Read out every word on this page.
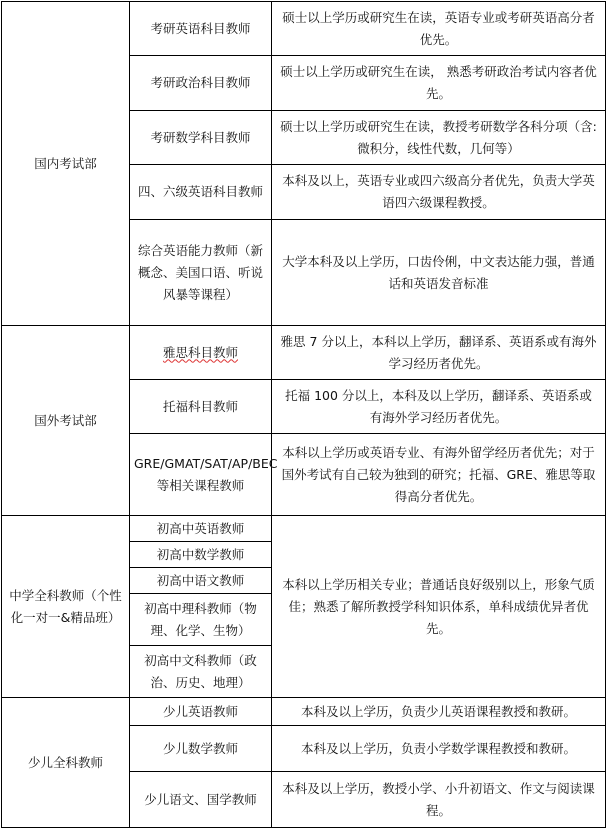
国内考试部	考研英语科目教师	硕士以上学历或研究生在读，英语专业或考研英语高分者优先。
	考研政治科目教师	硕士以上学历或研究生在读， 熟悉考研政治考试内容者优先。
	考研数学科目教师	硕士以上学历或研究生在读，教授考研数学各科分项（含:微积分，线性代数，几何等）
	四、六级英语科目教师	本科及以上，英语专业或四六级高分者优先，负责大学英语四六级课程教授。
	综合英语能力教师（新概念、美国口语、听说风暴等课程）	大学本科及以上学历，口齿伶俐，中文表达能力强，普通话和英语发音标准
国外考试部	雅思科目教师	雅思 7 分以上，本科以上学历，翻译系、英语系或有海外学习经历者优先。
	托福科目教师	托福 100 分以上，本科及以上学历，翻译系、英语系或有海外学习经历者优先。
	GRE/GMAT/SAT/AP/BEC 等相关课程教师	本科以上学历或英语专业、有海外留学经历者优先；对于国外考试有自己较为独到的研究；托福、GRE、雅思等取得高分者优先。
中学全科教师（个性化一对一&精品班）	初高中英语教师	本科以上学历相关专业；普通话良好级别以上，形象气质佳；熟悉了解所教授学科知识体系，单科成绩优异者优先。
	初高中数学教师	
	初高中语文教师	
	初高中理科教师（物理、化学、生物）	
	初高中文科教师（政治、历史、地理）	
少儿全科教师	少儿英语教师	本科及以上学历，负责少儿英语课程教授和教研。
	少儿数学教师	本科及以上学历，负责小学数学课程教授和教研。
	少儿语文、国学教师	本科及以上学历，教授小学、小升初语文、作文与阅读课程。
